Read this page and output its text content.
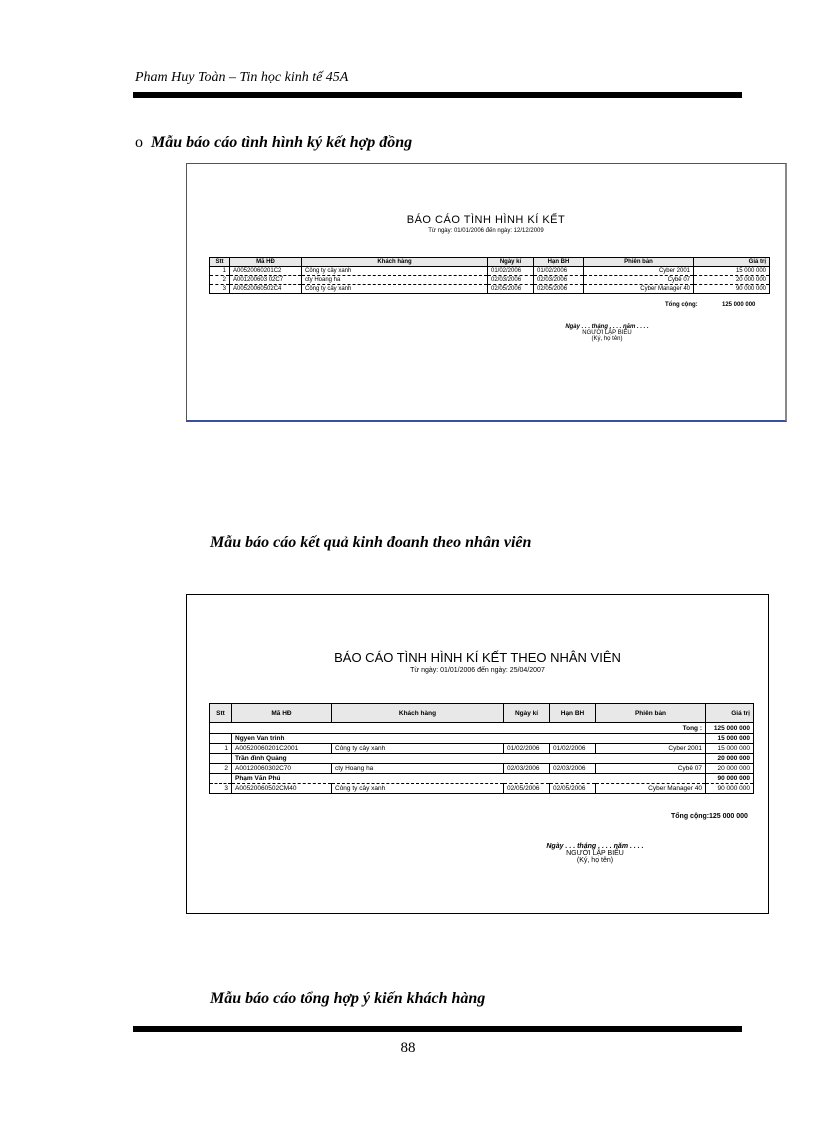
Pham Huy Toàn – Tin học kinh tế 45A
o Mẫu báo cáo tình hình ký kết hợp đồng
BÁO CÁO TÌNH HÌNH KÍ KẾT
Từ ngày: 01/01/2006 đến ngày: 12/12/2009
Stt	Mã HĐ	Khách hàng	Ngày kí	Hạn BH	Phiên bản	Giá trị
1	A00520060201C2	Công ty cây xanh	01/02/2006	01/02/2006	Cyber 2001	15 000 000
2	A001200603 02C7	cty Hoang ha	02/03/2006	02/03/2006	Cybê 07	20 000 000
3	A00520060502C4	Công ty cây xanh	02/05/2006	02/05/2006	Cyber Manager 40	90 000 000
Tổng cộng:	125 000 000
Ngày . . . tháng . . . . năm . . . .
NGƯỜI LẬP BIỂU
(Ký, họ tên)
Mẫu báo cáo kết quả kinh đoanh theo nhân viên
BÁO CÁO TÌNH HÌNH KÍ KẾT THEO NHÂN VIÊN
Từ ngày: 01/01/2006 đến ngày: 25/04/2007
Stt	Mã HĐ	Khách hàng	Ngày kí	Hạn BH	Phiên bản	Giá trị
					Tong :	125 000 000
	Ngyen Van trinh					15 000 000
1	A00520060201C2001	Công ty cây xanh	01/02/2006	01/02/2006	Cyber 2001	15 000 000
	Trần đình Quảng					20 000 000
2	A00120060302C70	cty Hoang ha	02/03/2006	02/03/2006	Cybê 07	20 000 000
	Phạm Văn Phú					90 000 000
3	A00520060502CM40	Công ty cây xanh	02/05/2006	02/05/2006	Cyber Manager 40	90 000 000
Tổng cộng: 125 000 000
Ngày . . . tháng . . . . năm . . . .
NGƯỜI LẬP BIỂU
(Ký, họ tên)
Mẫu báo cáo tổng hợp ý kiến khách hàng
88
